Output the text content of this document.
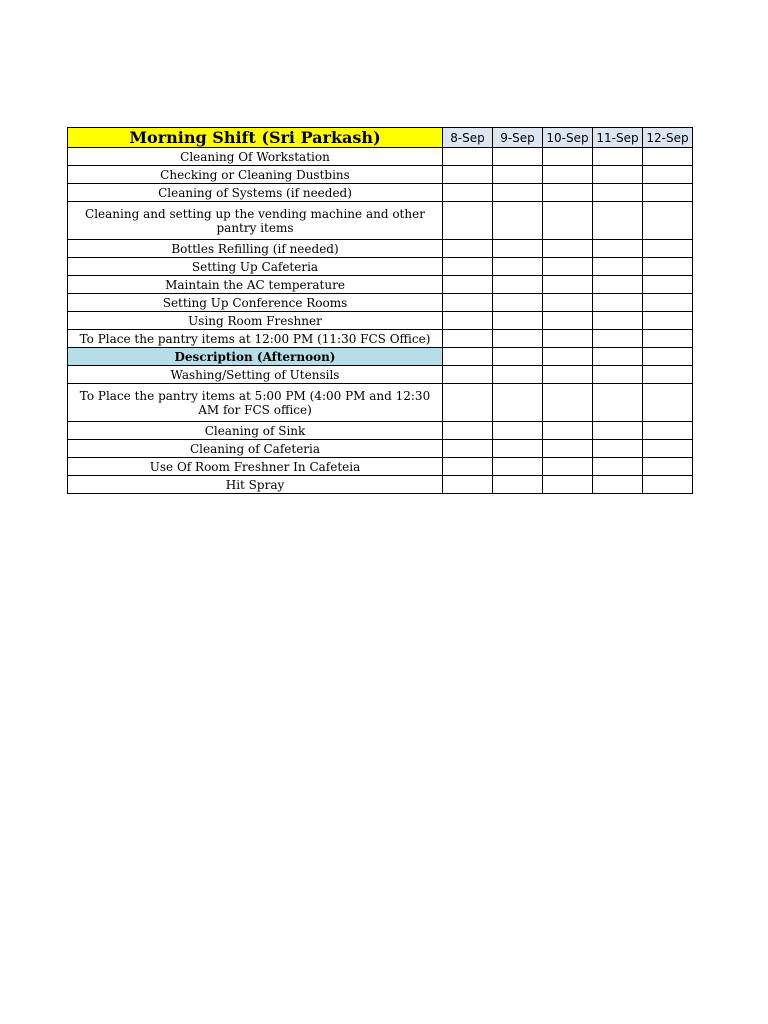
Morning Shift (Sri Parkash)	8-Sep	9-Sep	10-Sep	11-Sep	12-Sep
Cleaning Of Workstation					
Checking or Cleaning Dustbins					
Cleaning of Systems (if needed)					
Cleaning and setting up the vending machine and other pantry items					
Bottles Refilling (if needed)					
Setting Up Cafeteria					
Maintain the AC temperature					
Setting Up Conference Rooms					
Using Room Freshner					
To Place the pantry items at 12:00 PM (11:30 FCS Office)					
Description (Afternoon)					
Washing/Setting of Utensils					
To Place the pantry items at 5:00 PM (4:00 PM and 12:30 AM for FCS office)					
Cleaning of Sink					
Cleaning of Cafeteria					
Use Of Room Freshner In Cafeteia					
Hit Spray					
